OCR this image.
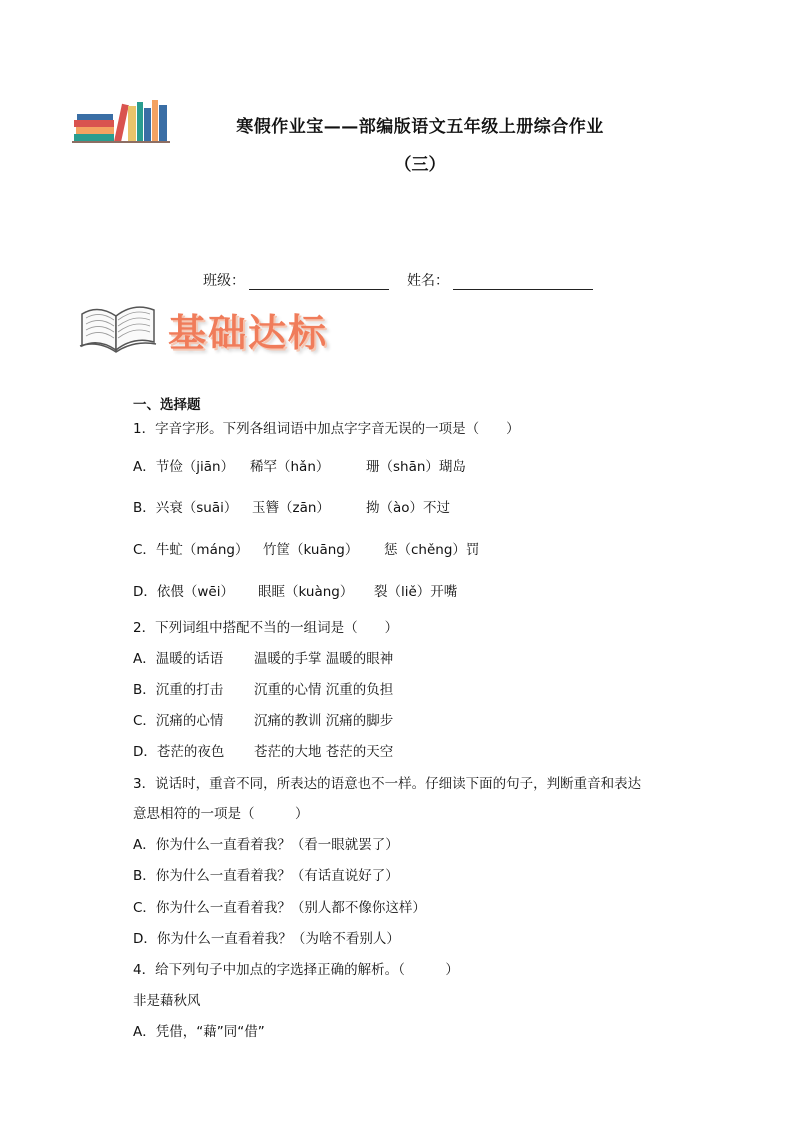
寒假作业宝——部编版语文五年级上册综合作业
（三）
班级：	姓名：
基础达标
一、选择题
1．字音字形。下列各组词语中加点字字音无误的一项是（　　）
A．节俭（jiān） 稀罕（hǎn）	珊（shān）瑚岛
B．兴衰（suāi） 玉簪（zān）	拗（ào）不过
C．牛虻（máng） 竹筐（kuāng） 惩（chěng）罚
D．依偎（wēi） 眼眶（kuàng） 裂（liě）开嘴
2．下列词组中搭配不当的一组词是（　　）
A．温暖的话语 温暖的手掌 温暖的眼神
B．沉重的打击 沉重的心情 沉重的负担
C．沉痛的心情 沉痛的教训 沉痛的脚步
D．苍茫的夜色 苍茫的大地 苍茫的天空
3．说话时，重音不同，所表达的语意也不一样。仔细读下面的句子，判断重音和表达
意思相符的一项是（　　　）
A．你为什么一直看着我？（看一眼就罢了）
B．你为什么一直看着我？（有话直说好了）
C．你为什么一直看着我？（别人都不像你这样）
D．你为什么一直看着我？（为啥不看别人）
4．给下列句子中加点的字选择正确的解析。（　　　）
非是藉秋风
A．凭借，“藉”同“借”
